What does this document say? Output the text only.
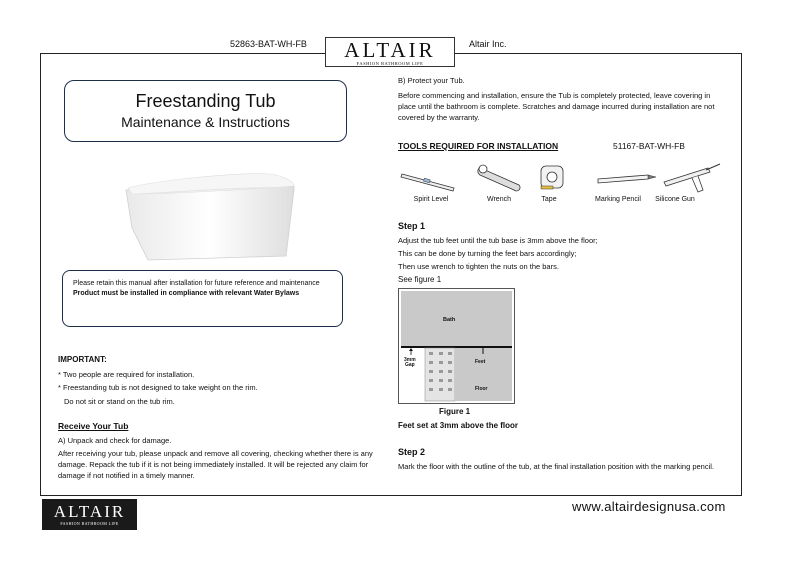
52863-BAT-WH-FB	Altair Inc.
ALTAIR
FASHION BATHROOM LIFE
Freestanding Tub
Maintenance & Instructions
Please retain this manual after installation for future reference and maintenance
Product must be installed in compliance with relevant Water Bylaws
IMPORTANT:
* Two people are required for installation.
* Freestanding tub is not designed to take weight on the rim.
Do not sit or stand on the tub rim.
Receive Your Tub
A) Unpack and check for damage.
After receiving your tub, please unpack and remove all covering, checking whether there is any damage. Repack the tub if it is not being immediately installed. It will be rejected any claim for damage if not notified in a timely manner.
B) Protect your Tub.
Before commencing and installation, ensure the Tub is completely protected, leave covering in place until the bathroom is complete. Scratches and damage incurred during installation are not covered by the warranty.
TOOLS REQUIRED FOR INSTALLATION	51167-BAT-WH-FB
Spirit Level	Wrench	Tape	Marking Pencil	Silicone Gun
Step 1
Adjust the tub feet until the tub base is 3mm above the floor;
This can be done by turning the feet bars accordingly;
Then use wrench to tighten the nuts on the bars.
See figure 1
Bath
3mm
Gap	Feet
Floor
Figure 1
Feet set at 3mm above the floor
Step 2
Mark the floor with the outline of the tub, at the final installation position with the marking pencil.
ALTAIR
FASHION BATHROOM LIFE
www.altairdesignusa.com
